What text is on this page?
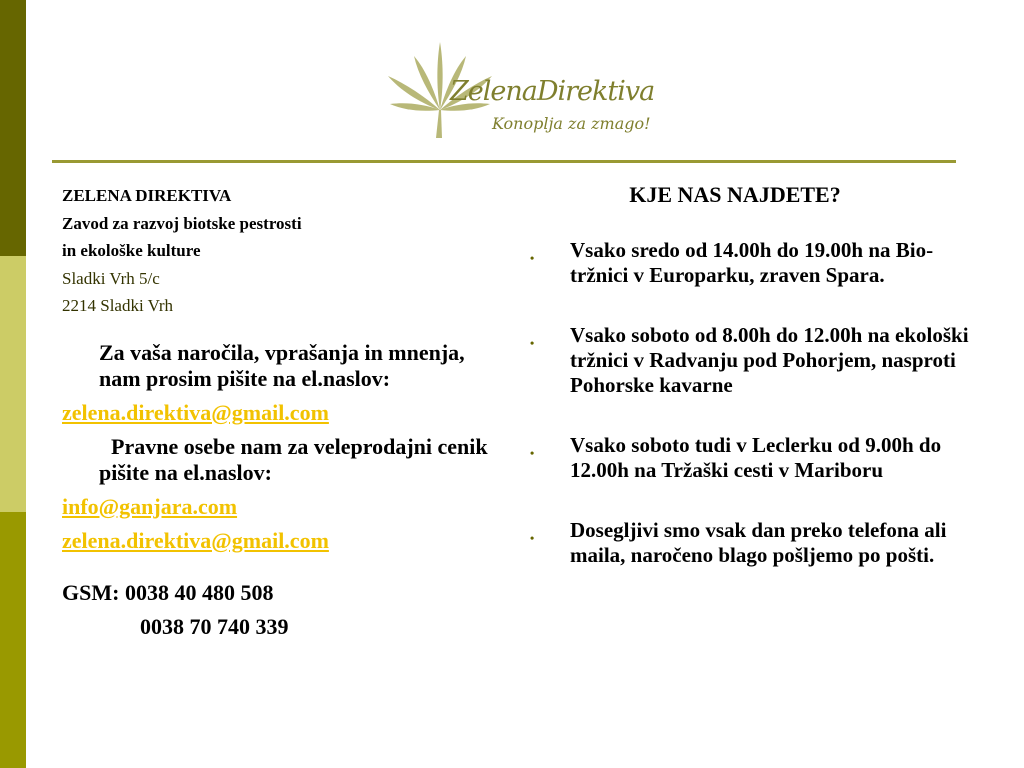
ZelenaDirektiva
Konoplja za zmago!
ZELENA DIREKTIVA
Zavod za razvoj biotske pestrosti
in ekološke kulture
Sladki Vrh 5/c
2214 Sladki Vrh
Za vaša naročila, vprašanja in mnenja, nam prosim pišite na el.naslov:
zelena.direktiva@gmail.com
Pravne osebe nam za veleprodajni cenik pišite na el.naslov:
info@ganjara.com
zelena.direktiva@gmail.com
GSM: 0038 40 480 508
0038 70 740 339
KJE NAS NAJDETE?
• Vsako sredo od 14.00h do 19.00h na Bio-tržnici v Europarku, zraven Spara.
• Vsako soboto od 8.00h do 12.00h na ekološki tržnici v Radvanju pod Pohorjem, nasproti Pohorske kavarne
• Vsako soboto tudi v Leclerku od 9.00h do 12.00h na Tržaški cesti v Mariboru
• Dosegljivi smo vsak dan preko telefona ali maila, naročeno blago pošljemo po pošti.
